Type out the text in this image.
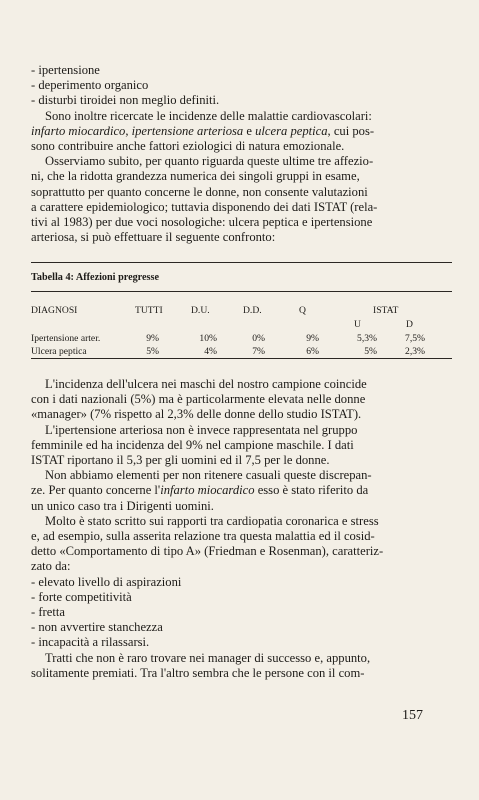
- ipertensione
- deperimento organico
- disturbi tiroidei non meglio definiti.

Sono inoltre ricercate le incidenze delle malattie cardiovascolari:
infarto miocardico, ipertensione arteriosa e ulcera peptica, cui pos-
sono contribuire anche fattori eziologici di natura emozionale.

Osserviamo subito, per quanto riguarda queste ultime tre affezio-
ni, che la ridotta grandezza numerica dei singoli gruppi in esame,
soprattutto per quanto concerne le donne, non consente valutazioni
a carattere epidemiologico; tuttavia disponendo dei dati ISTAT (rela-
tivi al 1983) per due voci nosologiche: ulcera peptica e ipertensione
arteriosa, si può effettuare il seguente confronto:

Tabella 4: Affezioni pregresse
DIAGNOSI	TUTTI	D.U.	D.D.	Q	ISTAT
U	D
Ipertensione arter.	9%	10%	0%	9%	5,3%	7,5%
Ulcera peptica	5%	4%	7%	6%	5%	2,3%

L'incidenza dell'ulcera nei maschi del nostro campione coincide
con i dati nazionali (5%) ma è particolarmente elevata nelle donne
«manager» (7% rispetto al 2,3% delle donne dello studio ISTAT).

L'ipertensione arteriosa non è invece rappresentata nel gruppo
femminile ed ha incidenza del 9% nel campione maschile. I dati
ISTAT riportano il 5,3 per gli uomini ed il 7,5 per le donne.

Non abbiamo elementi per non ritenere casuali queste discrepan-
ze. Per quanto concerne l'infarto miocardico esso è stato riferito da
un unico caso tra i Dirigenti uomini.

Molto è stato scritto sui rapporti tra cardiopatia coronarica e stress
e, ad esempio, sulla asserita relazione tra questa malattia ed il cosid-
detto «Comportamento di tipo A» (Friedman e Rosenman), caratteriz-
zato da:

- elevato livello di aspirazioni
- forte competitività
- fretta
- non avvertire stanchezza
- incapacità a rilassarsi.

Tratti che non è raro trovare nei manager di successo e, appunto,
solitamente premiati. Tra l'altro sembra che le persone con il com-

157
